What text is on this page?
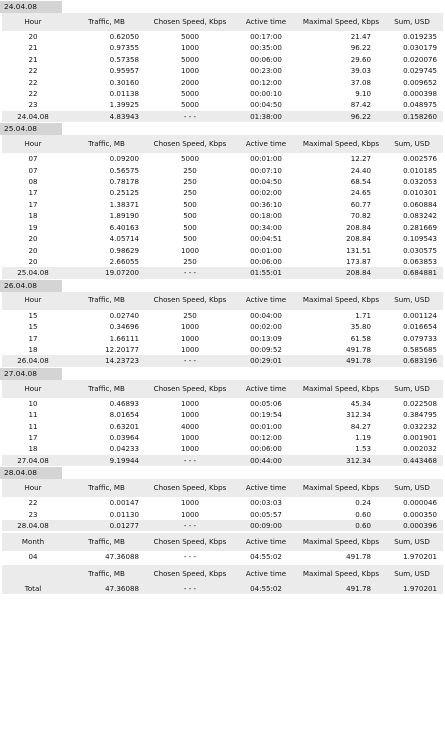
24.04.08
Hour	Traffic, MB	Chosen Speed, Kbps	Active time	Maximal Speed, Kbps	Sum, USD
20	0.62050	5000	00:17:00	21.47	0.019235
21	0.97355	1000	00:35:00	96.22	0.030179
21	0.57358	5000	00:06:00	29.60	0.020076
22	0.95957	1000	00:23:00	39.03	0.029745
22	0.30160	2000	00:12:00	37.08	0.009652
22	0.01138	5000	00:00:10	9.10	0.000398
23	1.39925	5000	00:04:50	87.42	0.048975
24.04.08	4.83943	- - -	01:38:00	96.22	0.158260
25.04.08
Hour	Traffic, MB	Chosen Speed, Kbps	Active time	Maximal Speed, Kbps	Sum, USD
07	0.09200	5000	00:01:00	12.27	0.002576
07	0.56575	250	00:07:10	24.40	0.010185
08	0.78178	250	00:04:50	68.54	0.032053
17	0.25125	250	00:02:00	24.65	0.010301
17	1.38371	500	00:36:10	60.77	0.060884
18	1.89190	500	00:18:00	70.82	0.083242
19	6.40163	500	00:34:00	208.84	0.281669
20	4.05714	500	00:04:51	208.84	0.109543
20	0.98629	1000	00:01:00	131.51	0.030575
20	2.66055	250	00:06:00	173.87	0.063853
25.04.08	19.07200	- - -	01:55:01	208.84	0.684881
26.04.08
Hour	Traffic, MB	Chosen Speed, Kbps	Active time	Maximal Speed, Kbps	Sum, USD
15	0.02740	250	00:04:00	1.71	0.001124
15	0.34696	1000	00:02:00	35.80	0.016654
17	1.66111	1000	00:13:09	61.58	0.079733
18	12.20177	1000	00:09:52	491.78	0.585685
26.04.08	14.23723	- - -	00:29:01	491.78	0.683196
27.04.08
Hour	Traffic, MB	Chosen Speed, Kbps	Active time	Maximal Speed, Kbps	Sum, USD
10	0.46893	1000	00:05:06	45.34	0.022508
11	8.01654	1000	00:19:54	312.34	0.384795
11	0.63201	4000	00:01:00	84.27	0.032232
17	0.03964	1000	00:12:00	1.19	0.001901
18	0.04233	1000	00:06:00	1.53	0.002032
27.04.08	9.19944	- - -	00:44:00	312.34	0.443468
28.04.08
Hour	Traffic, MB	Chosen Speed, Kbps	Active time	Maximal Speed, Kbps	Sum, USD
22	0.00147	1000	00:03:03	0.24	0.000046
23	0.01130	1000	00:05:57	0.60	0.000350
28.04.08	0.01277	- - -	00:09:00	0.60	0.000396
Month	Traffic, MB	Chosen Speed, Kbps	Active time	Maximal Speed, Kbps	Sum, USD
04	47.36088	- - -	04:55:02	491.78	1.970201
	Traffic, MB	Chosen Speed, Kbps	Active time	Maximal Speed, Kbps	Sum, USD
Total	47.36088	- - -	04:55:02	491.78	1.970201
